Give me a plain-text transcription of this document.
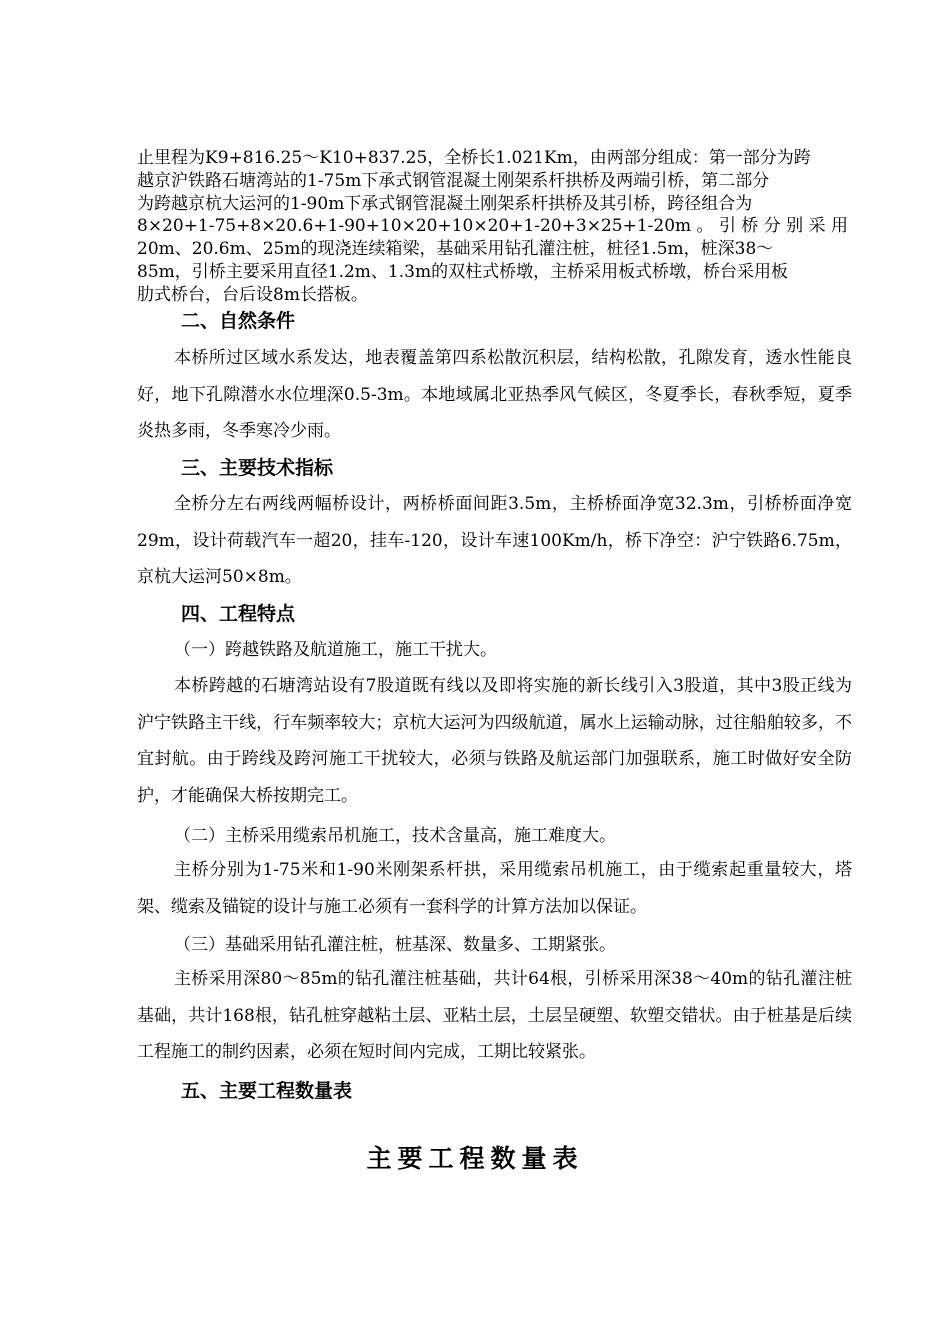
止里程为K9+816.25～K10+837.25，全桥长1.021Km，由两部分组成：第一部分为跨
越京沪铁路石塘湾站的1-75m下承式钢管混凝土刚架系杆拱桥及两端引桥，第二部分
为跨越京杭大运河的1-90m下承式钢管混凝土刚架系杆拱桥及其引桥，跨径组合为
8×20+1-75+8×20.6+1-90+10×20+10×20+1-20+3×25+1-20m 。 引 桥 分 别 采 用
20m、20.6m、25m的现浇连续箱梁，基础采用钻孔灌注桩，桩径1.5m，桩深38～
85m，引桥主要采用直径1.2m、1.3m的双柱式桥墩，主桥采用板式桥墩，桥台采用板
肋式桥台，台后设8m长搭板。
二、自然条件

本桥所过区域水系发达，地表覆盖第四系松散沉积层，结构松散，孔隙发育，透水性能良好，地下孔隙潜水水位埋深0.5-3m。本地域属北亚热季风气候区，冬夏季长，春秋季短，夏季炎热多雨，冬季寒冷少雨。

三、主要技术指标

全桥分左右两线两幅桥设计，两桥桥面间距3.5m，主桥桥面净宽32.3m，引桥桥面净宽29m，设计荷载汽车一超20，挂车-120，设计车速100Km/h，桥下净空：沪宁铁路6.75m，京杭大运河50×8m。

四、工程特点

（一）跨越铁路及航道施工，施工干扰大。

本桥跨越的石塘湾站设有7股道既有线以及即将实施的新长线引入3股道，其中3股正线为沪宁铁路主干线，行车频率较大；京杭大运河为四级航道，属水上运输动脉，过往船舶较多，不宜封航。由于跨线及跨河施工干扰较大，必须与铁路及航运部门加强联系，施工时做好安全防护，才能确保大桥按期完工。

（二）主桥采用缆索吊机施工，技术含量高，施工难度大。

主桥分别为1-75米和1-90米刚架系杆拱，采用缆索吊机施工，由于缆索起重量较大，塔架、缆索及锚锭的设计与施工必须有一套科学的计算方法加以保证。

（三）基础采用钻孔灌注桩，桩基深、数量多、工期紧张。

主桥采用深80～85m的钻孔灌注桩基础，共计64根，引桥采用深38～40m的钻孔灌注桩基础，共计168根，钻孔桩穿越粘土层、亚粘土层，土层呈硬塑、软塑交错状。由于桩基是后续工程施工的制约因素，必须在短时间内完成，工期比较紧张。

五、主要工程数量表
主要工程数量表
